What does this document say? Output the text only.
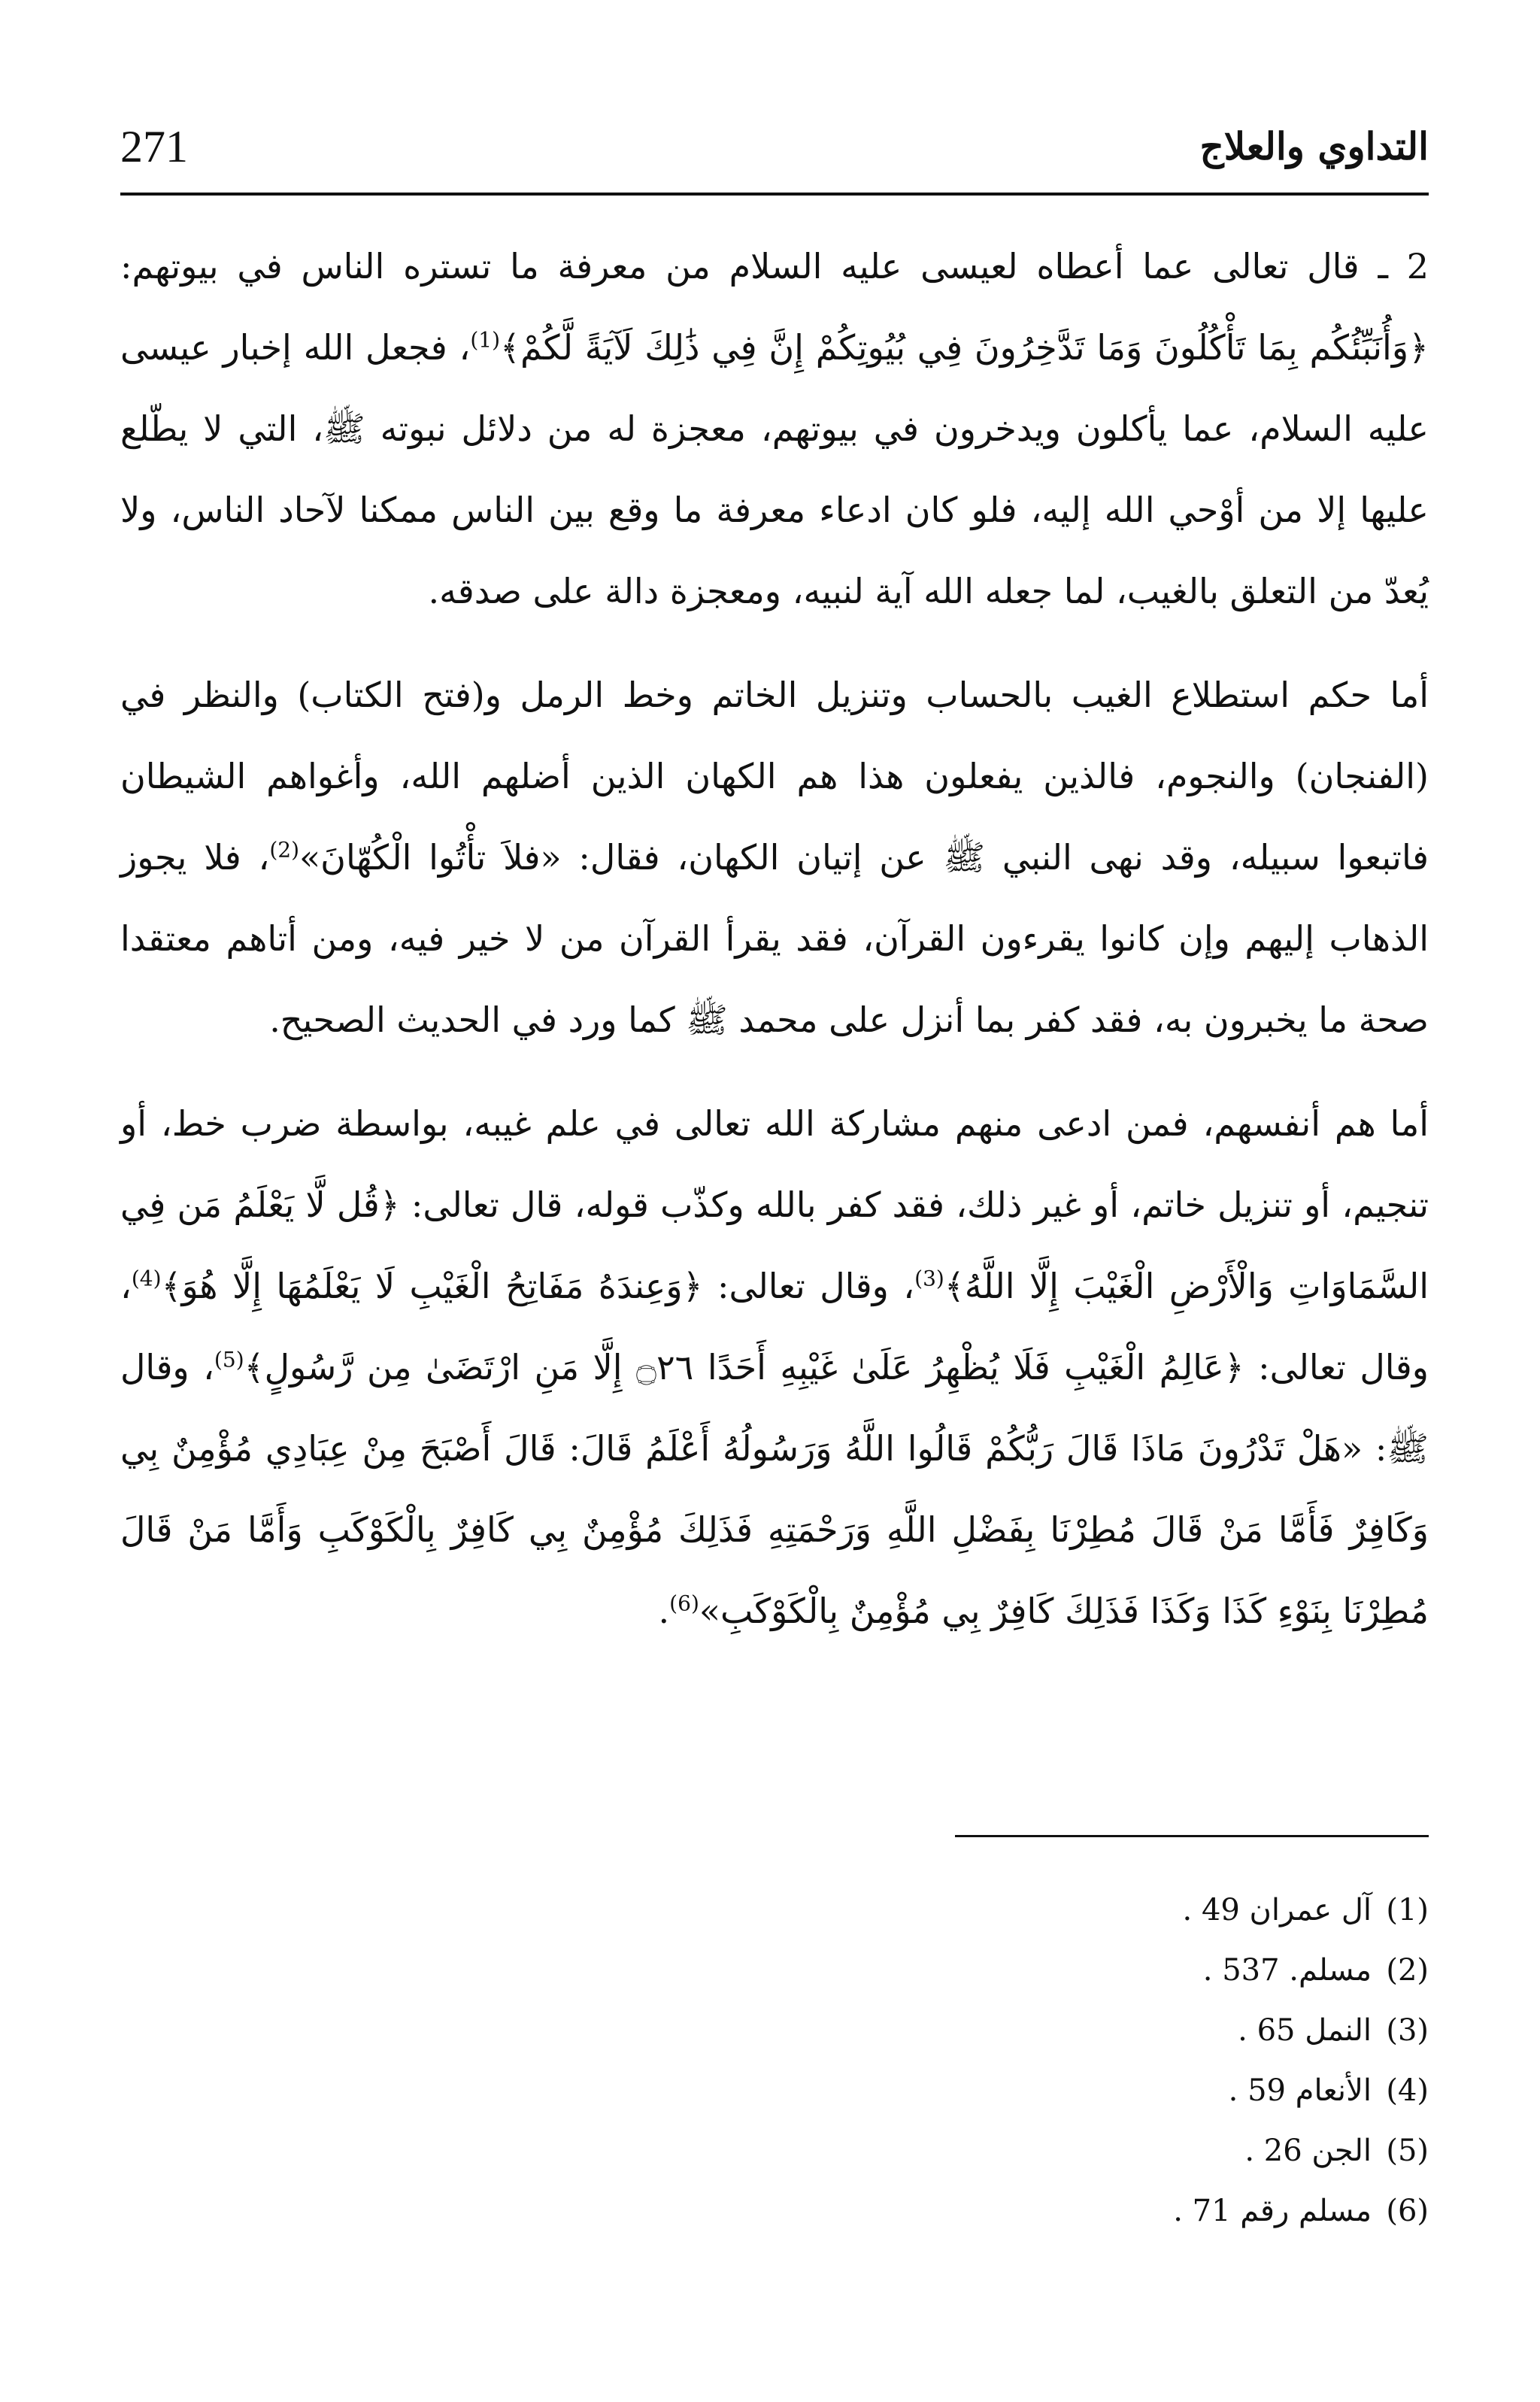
التداوي والعلاج
271

2 ـ قال تعالى عما أعطاه لعيسى عليه السلام من معرفة ما تستره الناس في بيوتهم: ﴿وَأُنَبِّئُكُم بِمَا تَأْكُلُونَ وَمَا تَدَّخِرُونَ فِي بُيُوتِكُمْ إِنَّ فِي ذَٰلِكَ لَآيَةً لَّكُمْ﴾$^{(1)}$، فجعل الله إخبار عيسى عليه السلام، عما يأكلون ويدخرون في بيوتهم، معجزة له من دلائل نبوته ﷺ، التي لا يطّلع عليها إلا من أوْحي الله إليه، فلو كان ادعاء معرفة ما وقع بين الناس ممكنا لآحاد الناس، ولا يُعدّ من التعلق بالغيب، لما جعله الله آية لنبيه، ومعجزة دالة على صدقه.

أما حكم استطلاع الغيب بالحساب وتنزيل الخاتم وخط الرمل و(فتح الكتاب) والنظر في (الفنجان) والنجوم، فالذين يفعلون هذا هم الكهان الذين أضلهم الله، وأغواهم الشيطان فاتبعوا سبيله، وقد نهى النبي ﷺ عن إتيان الكهان، فقال: «فلاَ تأْتُوا الْكُهّانَ»$^{(2)}$، فلا يجوز الذهاب إليهم وإن كانوا يقرءون القرآن، فقد يقرأ القرآن من لا خير فيه، ومن أتاهم معتقدا صحة ما يخبرون به، فقد كفر بما أنزل على محمد ﷺ كما ورد في الحديث الصحيح.

أما هم أنفسهم، فمن ادعى منهم مشاركة الله تعالى في علم غيبه، بواسطة ضرب خط، أو تنجيم، أو تنزيل خاتم، أو غير ذلك، فقد كفر بالله وكذّب قوله، قال تعالى: ﴿قُل لَّا يَعْلَمُ مَن فِي السَّمَاوَاتِ وَالْأَرْضِ الْغَيْبَ إِلَّا اللَّهُ﴾$^{(3)}$، وقال تعالى: ﴿وَعِندَهُ مَفَاتِحُ الْغَيْبِ لَا يَعْلَمُهَا إِلَّا هُوَ﴾$^{(4)}$، وقال تعالى: ﴿عَالِمُ الْغَيْبِ فَلَا يُظْهِرُ عَلَىٰ غَيْبِهِ أَحَدًا ۝٢٦ إِلَّا مَنِ ارْتَضَىٰ مِن رَّسُولٍ﴾$^{(5)}$، وقال ﷺ: «هَلْ تَدْرُونَ مَاذَا قَالَ رَبُّكُمْ قَالُوا اللَّهُ وَرَسُولُهُ أَعْلَمُ قَالَ: قَالَ أَصْبَحَ مِنْ عِبَادِي مُؤْمِنٌ بِي وَكَافِرٌ فَأَمَّا مَنْ قَالَ مُطِرْنَا بِفَضْلِ اللَّهِ وَرَحْمَتِهِ فَذَلِكَ مُؤْمِنٌ بِي كَافِرٌ بِالْكَوْكَبِ وَأَمَّا مَنْ قَالَ مُطِرْنَا بِنَوْءِ كَذَا وَكَذَا فَذَلِكَ كَافِرٌ بِي مُؤْمِنٌ بِالْكَوْكَبِ»$^{(6)}$.

(1)آل عمران 49 .
(2)مسلم. 537 .
(3)النمل 65 .
(4)الأنعام 59 .
(5)الجن 26 .
(6)مسلم رقم 71 .
